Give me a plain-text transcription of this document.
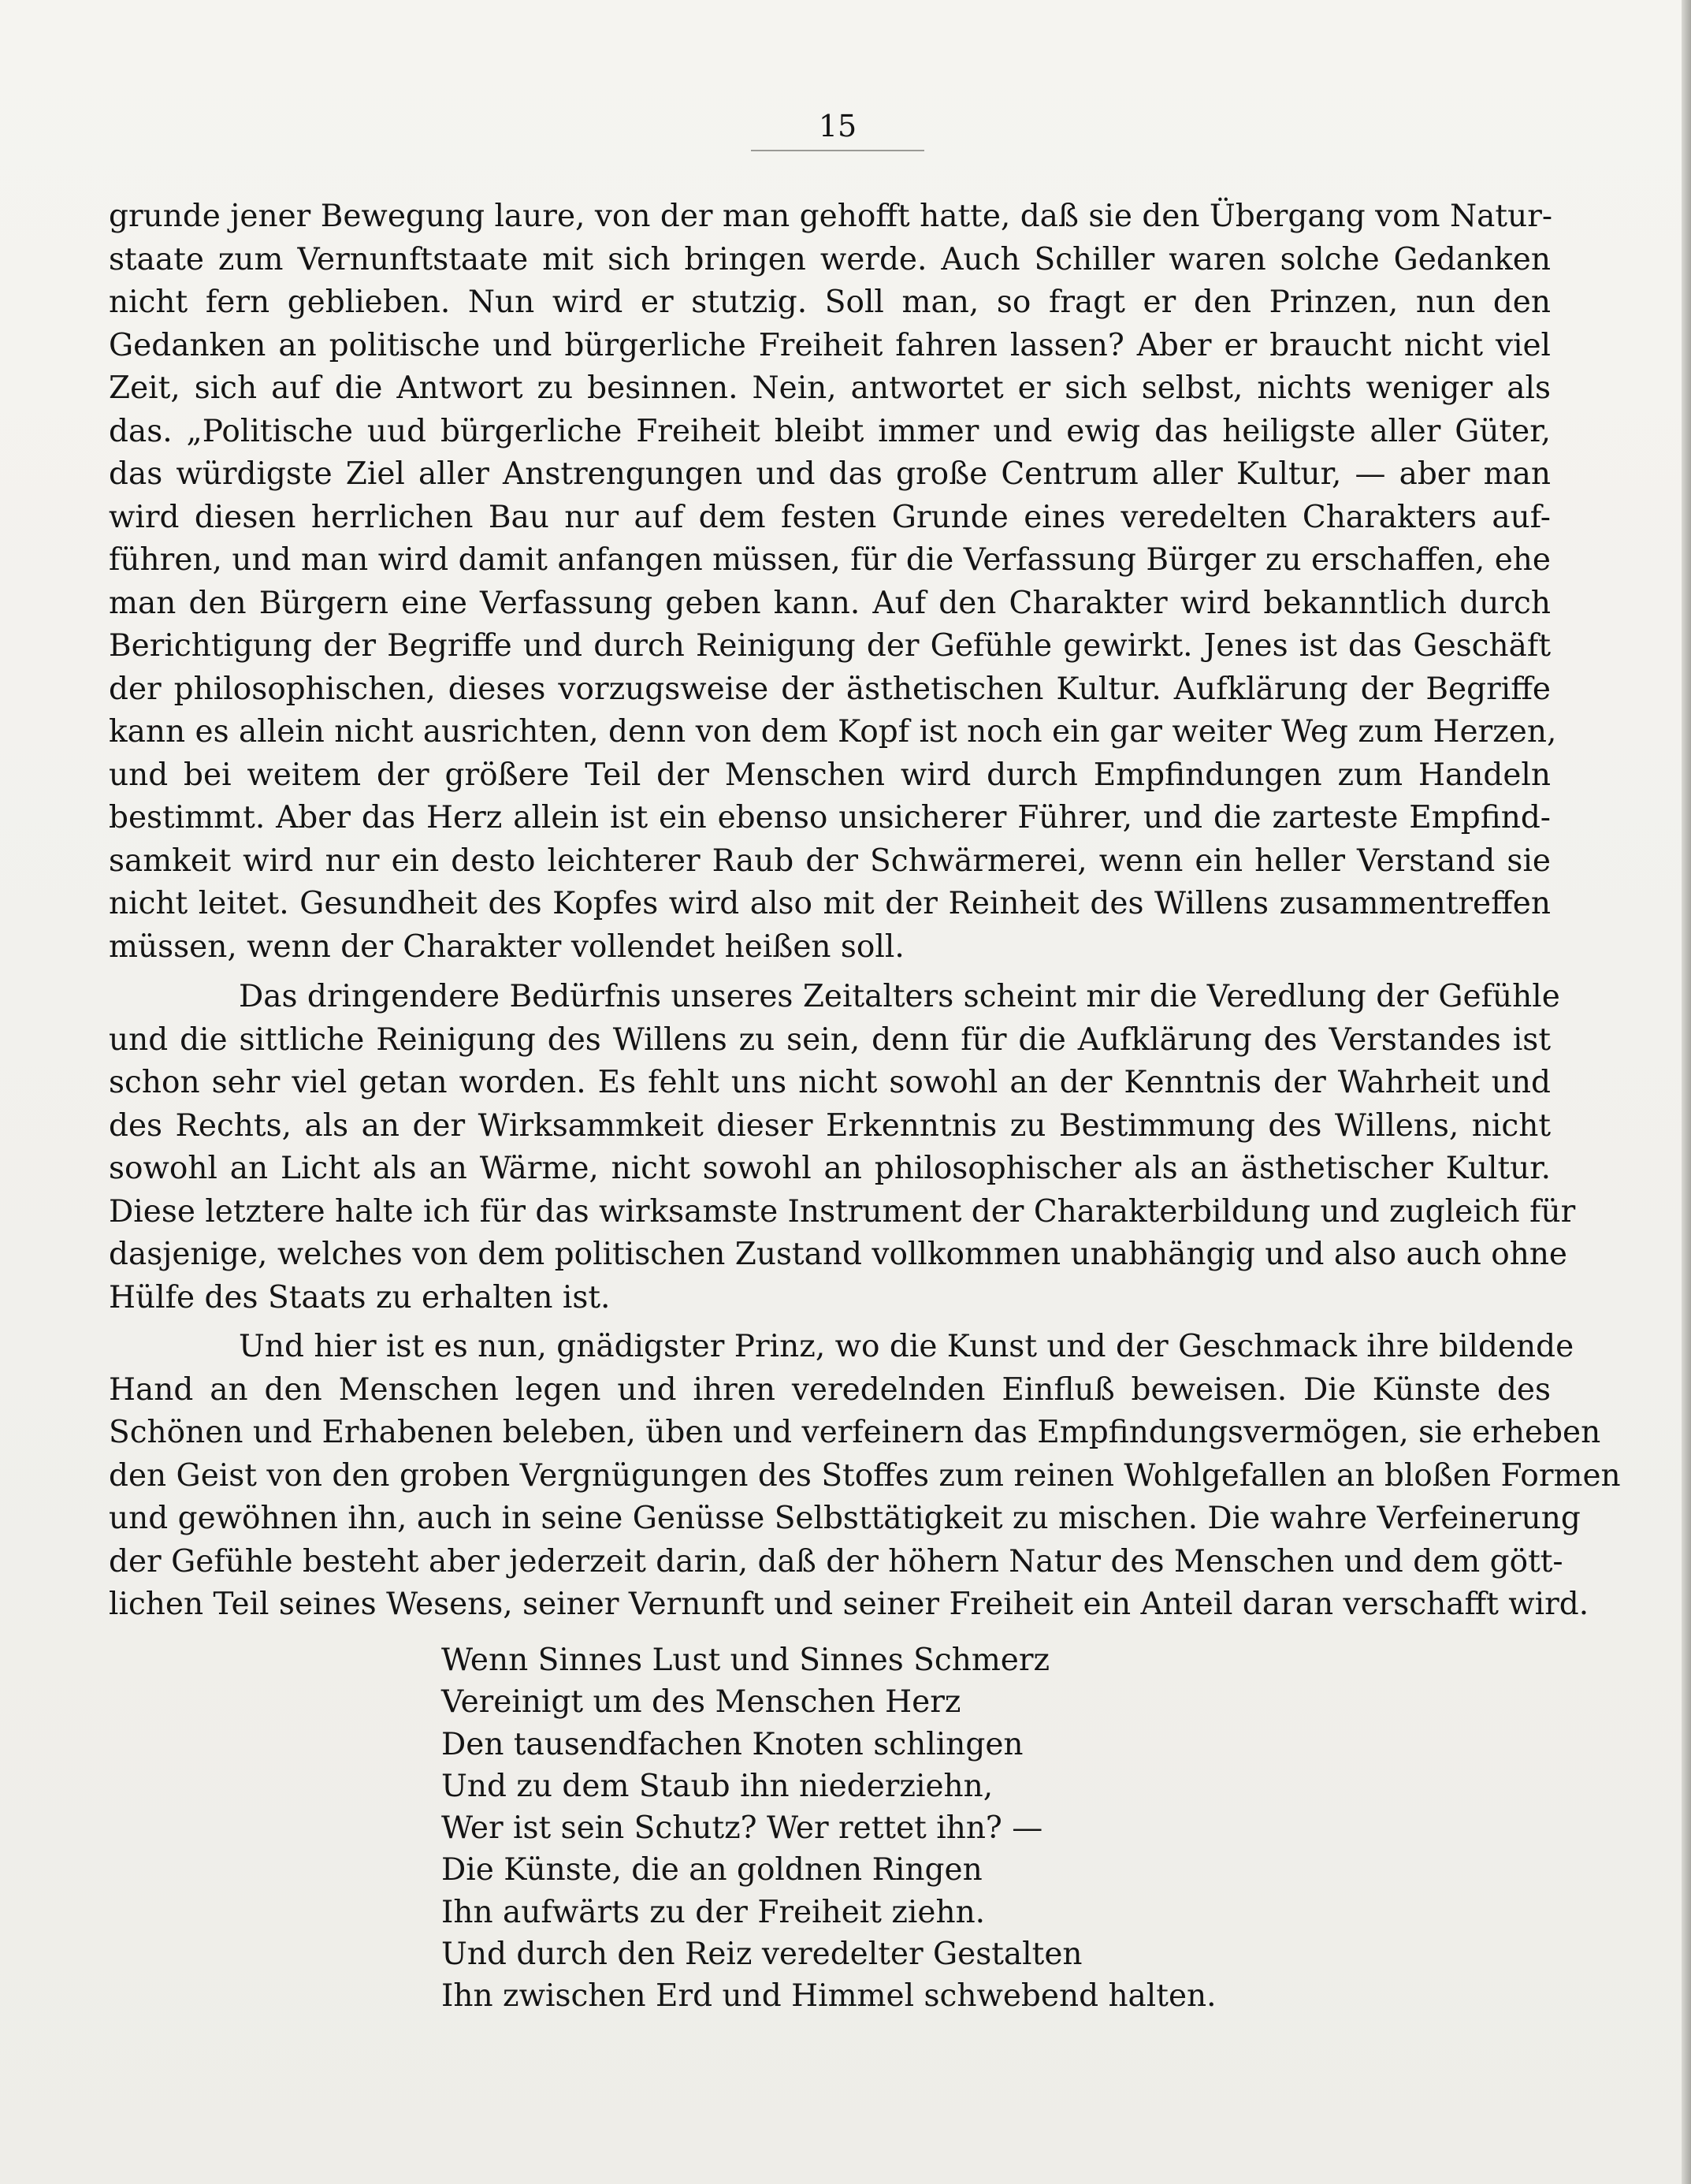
15
grunde jener Bewegung laure, von der man gehofft hatte, daß sie den Übergang vom Natur-
staate zum Vernunftstaate mit sich bringen werde. Auch Schiller waren solche Gedanken
nicht fern geblieben. Nun wird er stutzig. Soll man, so fragt er den Prinzen, nun den
Gedanken an politische und bürgerliche Freiheit fahren lassen? Aber er braucht nicht viel
Zeit, sich auf die Antwort zu besinnen. Nein, antwortet er sich selbst, nichts weniger als
das. „Politische uud bürgerliche Freiheit bleibt immer und ewig das heiligste aller Güter,
das würdigste Ziel aller Anstrengungen und das große Centrum aller Kultur, — aber man
wird diesen herrlichen Bau nur auf dem festen Grunde eines veredelten Charakters auf-
führen, und man wird damit anfangen müssen, für die Verfassung Bürger zu erschaffen, ehe
man den Bürgern eine Verfassung geben kann. Auf den Charakter wird bekanntlich durch
Berichtigung der Begriffe und durch Reinigung der Gefühle gewirkt. Jenes ist das Geschäft
der philosophischen, dieses vorzugsweise der ästhetischen Kultur. Aufklärung der Begriffe
kann es allein nicht ausrichten, denn von dem Kopf ist noch ein gar weiter Weg zum Herzen,
und bei weitem der größere Teil der Menschen wird durch Empfindungen zum Handeln
bestimmt. Aber das Herz allein ist ein ebenso unsicherer Führer, und die zarteste Empfind-
samkeit wird nur ein desto leichterer Raub der Schwärmerei, wenn ein heller Verstand sie
nicht leitet. Gesundheit des Kopfes wird also mit der Reinheit des Willens zusammentreffen
müssen, wenn der Charakter vollendet heißen soll.
Das dringendere Bedürfnis unseres Zeitalters scheint mir die Veredlung der Gefühle
und die sittliche Reinigung des Willens zu sein, denn für die Aufklärung des Verstandes ist
schon sehr viel getan worden. Es fehlt uns nicht sowohl an der Kenntnis der Wahrheit und
des Rechts, als an der Wirksammkeit dieser Erkenntnis zu Bestimmung des Willens, nicht
sowohl an Licht als an Wärme, nicht sowohl an philosophischer als an ästhetischer Kultur.
Diese letztere halte ich für das wirksamste Instrument der Charakterbildung und zugleich für
dasjenige, welches von dem politischen Zustand vollkommen unabhängig und also auch ohne
Hülfe des Staats zu erhalten ist.
Und hier ist es nun, gnädigster Prinz, wo die Kunst und der Geschmack ihre bildende
Hand an den Menschen legen und ihren veredelnden Einfluß beweisen. Die Künste des
Schönen und Erhabenen beleben, üben und verfeinern das Empfindungsvermögen, sie erheben
den Geist von den groben Vergnügungen des Stoffes zum reinen Wohlgefallen an bloßen Formen
und gewöhnen ihn, auch in seine Genüsse Selbsttätigkeit zu mischen. Die wahre Verfeinerung
der Gefühle besteht aber jederzeit darin, daß der höhern Natur des Menschen und dem gött-
lichen Teil seines Wesens, seiner Vernunft und seiner Freiheit ein Anteil daran verschafft wird.
Wenn Sinnes Lust und Sinnes Schmerz
Vereinigt um des Menschen Herz
Den tausendfachen Knoten schlingen
Und zu dem Staub ihn niederziehn,
Wer ist sein Schutz? Wer rettet ihn? —
Die Künste, die an goldnen Ringen
Ihn aufwärts zu der Freiheit ziehn.
Und durch den Reiz veredelter Gestalten
Ihn zwischen Erd und Himmel schwebend halten.
